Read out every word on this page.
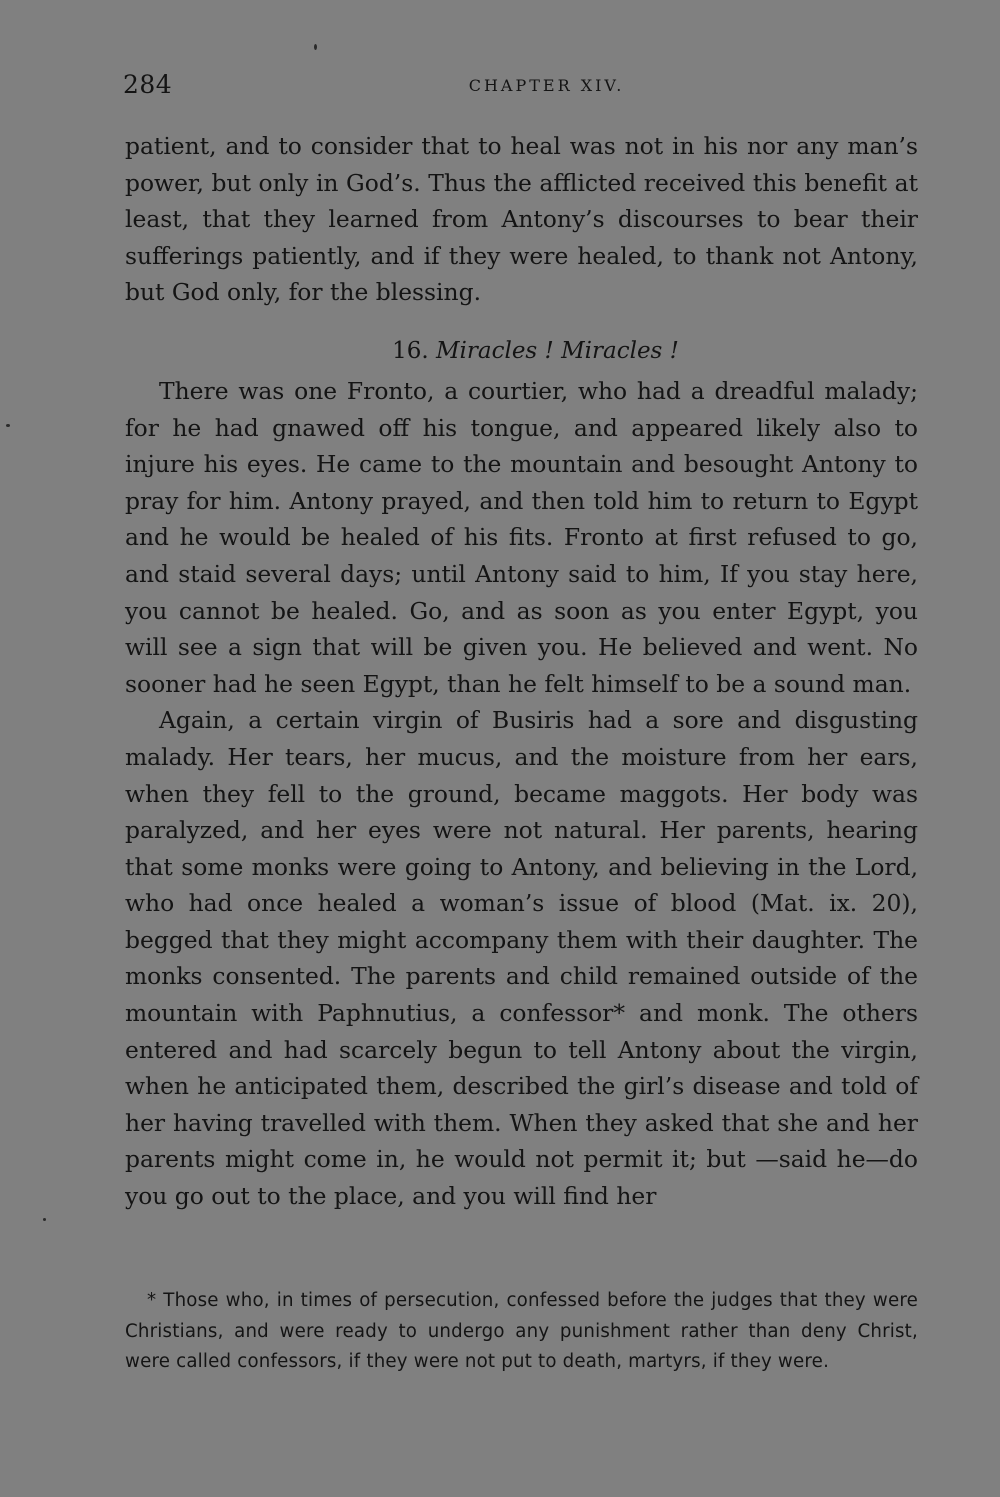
284	CHAPTER XIV.

patient, and to consider that to heal was not in his nor any man’s power, but only in God’s. Thus the afflicted received this benefit at least, that they learned from Antony’s discourses to bear their sufferings patiently, and if they were healed, to thank not Antony, but God only, for the blessing.

16. Miracles ! Miracles !

There was one Fronto, a courtier, who had a dreadful malady; for he had gnawed off his tongue, and appeared likely also to injure his eyes. He came to the mountain and besought Antony to pray for him. Antony prayed, and then told him to return to Egypt and he would be healed of his fits. Fronto at first refused to go, and staid several days; until Antony said to him, If you stay here, you cannot be healed. Go, and as soon as you enter Egypt, you will see a sign that will be given you. He believed and went. No sooner had he seen Egypt, than he felt himself to be a sound man.

Again, a certain virgin of Busiris had a sore and disgusting malady. Her tears, her mucus, and the moisture from her ears, when they fell to the ground, became maggots. Her body was paralyzed, and her eyes were not natural. Her parents, hearing that some monks were going to Antony, and believing in the Lord, who had once healed a woman’s issue of blood (Mat. ix. 20), begged that they might accompany them with their daughter. The monks consented. The parents and child remained outside of the mountain with Paphnutius, a confessor* and monk. The others entered and had scarcely begun to tell Antony about the virgin, when he anticipated them, described the girl’s disease and told of her having travelled with them. When they asked that she and her parents might come in, he would not permit it; but —said he—do you go out to the place, and you will find her

* Those who, in times of persecution, confessed before the judges that they were Christians, and were ready to undergo any punishment rather than deny Christ, were called confessors, if they were not put to death, martyrs, if they were.
